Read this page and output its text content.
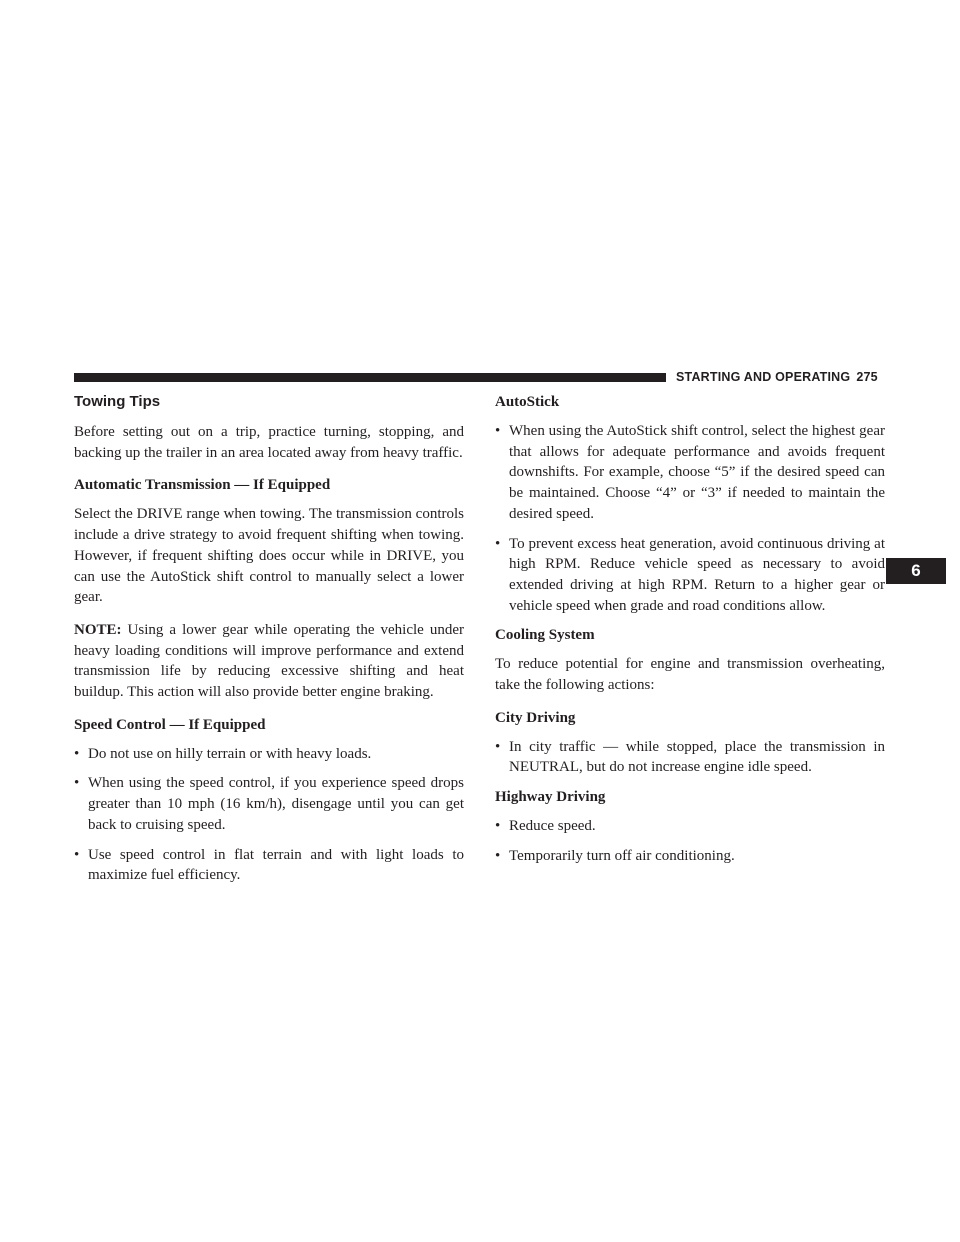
STARTING AND OPERATING 275
6
Towing Tips

Before setting out on a trip, practice turning, stopping, and backing up the trailer in an area located away from heavy traffic.

Automatic Transmission — If Equipped

Select the DRIVE range when towing. The transmission controls include a drive strategy to avoid frequent shifting when towing. However, if frequent shifting does occur while in DRIVE, you can use the AutoStick shift control to manually select a lower gear.

NOTE: Using a lower gear while operating the vehicle under heavy loading conditions will improve performance and extend transmission life by reducing excessive shifting and heat buildup. This action will also provide better engine braking.

Speed Control — If Equipped
• Do not use on hilly terrain or with heavy loads.
• When using the speed control, if you experience speed drops greater than 10 mph (16 km/h), disengage until you can get back to cruising speed.
• Use speed control in flat terrain and with light loads to maximize fuel efficiency.
AutoStick
• When using the AutoStick shift control, select the highest gear that allows for adequate performance and avoids frequent downshifts. For example, choose “5” if the desired speed can be maintained. Choose “4” or “3” if needed to maintain the desired speed.
• To prevent excess heat generation, avoid continuous driving at high RPM. Reduce vehicle speed as necessary to avoid extended driving at high RPM. Return to a higher gear or vehicle speed when grade and road conditions allow.
Cooling System

To reduce potential for engine and transmission overheating, take the following actions:

City Driving
• In city traffic — while stopped, place the transmission in NEUTRAL, but do not increase engine idle speed.
Highway Driving
• Reduce speed.
• Temporarily turn off air conditioning.
